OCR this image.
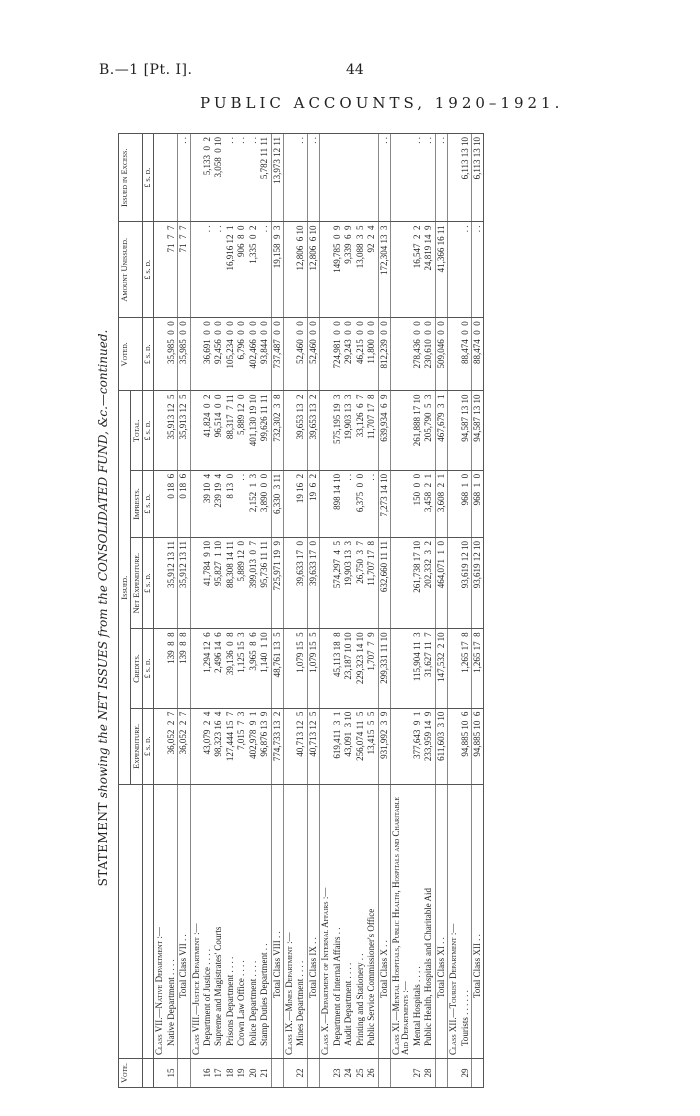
B.—1 [Pt. I].	44
PUBLIC ACCOUNTS, 1920–1921.
STATEMENT showing the NET ISSUES from the CONSOLIDATED FUND, &c.—continued.
Vote.		Issued.					Voted.	Amount Unissued.	Issued in Excess.
		Expenditure.	Credits.	Net Expenditure.	Imprests.	Total.			
		£ s. d.	£ s. d.	£ s. d.	£ s. d.	£ s. d.	£ s. d.	£ s. d.	£ s. d.
	Class VII.—Native Department :—								
15	Native Department . . . .	36,052  2  7	139  8  8	35,912 13 11	0 18  6	35,913 12  5	35,985  0  0	71  7  7	
	Total Class VII . .	36,052  2  7	139  8  8	35,912 13 11	0 18  6	35,913 12  5	35,985  0  0	71  7  7	. .
	Class VIII.—Justice Department :—								
16	Department of Justice . . . .	43,079  2  4	1,294 12  6	41,784  9 10	39 10  4	41,824  0  2	36,691  0  0	. .	5,133  0  2
17	Supreme and Magistrates' Courts	98,323 16  4	2,496 14  6	95,827  1 10	239 19  4	96,514  0  0	92,456  0  0	. .	3,058  0 10
18	Prisons Department . . . .	127,444 15  7	39,136  0  8	88,308 14 11	8 13  0	88,317  7 11	105,234  0  0	16,916 12  1	. .
19	Crown Law Office . . . .	7,015  7  3	1,125 15  3	5,889 12  0	. .	5,889 12  0	6,796  0  0	906  8  0	. .
20	Police Department . . . .	402,978  9  1	3,965  8  6	399,013  0  7	2,152  1  3	401,130 19 10	402,466  0  0	1,335  0  2	. .
21	Stamp Duties Department . .	96,876 13  9	1,140  1 10	95,736 11 11	3,890  0  0	99,626 11 11	93,844  0  0	. .	5,782 11 11
	Total Class VIII . .	774,733 13  2	48,761 13  5	725,971 19  9	6,330  3 11	732,302  3  8	737,487  0  0	19,158  9  3	13,973 12 11
	Class IX.—Mines Department :—								
22	Mines Department . . . .	40,713 12  5	1,079 15  5	39,633 17  0	19 16  2	39,653 13  2	52,460  0  0	12,806  6 10	. .
	Total Class IX . .	40,713 12  5	1,079 15  5	39,633 17  0	19  6  2	39,653 13  2	52,460  0  0	12,806  6 10	. .
	Class X.—Department of Internal Affairs :—								
23	Department of Internal Affairs . .	619,411  3  1	45,113 18  8	574,297  4  5	898 14 10	575,195 19  3	724,981  0  0	149,785  0  9	
24	Audit Department . . . .	43,091  3 10	23,187 10 10	19,903 13  3	. .	19,903 13  3	29,243  0  0	9,339  6  9	
25	Printing and Stationery . .	256,074 11  5	229,323 14 10	26,750  3  7	6,375  0  0	33,126  6  7	46,215  0  0	13,088  3  5	
26	Public Service Commissioner's Office	13,415  5  5	1,707  7  9	11,707 17  8	. .	11,707 17  8	11,800  0  0	92  2  4	
	Total Class X . .	931,992  3  9	299,331 11 10	632,660 11 11	7,273 14 10	639,934  6  9	812,239  0  0	172,304 13  3	. .
	Class XI.—Mental Hospitals, Public Health, Hospitals and Charitable Aid Departments :—								
27	Mental Hospitals . . . .	377,643  9  1	115,904 11  3	261,738 17 10	150  0  0	261,888 17 10	278,436  0  0	16,547  2  2	. .
28	Public Health, Hospitals and Charitable Aid	233,959 14  9	31,627 11  7	202,332  3  2	3,458  2  1	205,790  5  3	230,610  0  0	24,819 14  9	. .
	Total Class XI . .	611,603  3 10	147,532  2 10	464,071  1  0	3,608  2  1	467,679  3  1	509,046  0  0	41,366 16 11	. .
	Class XII.—Tourist Department :—								
29	Tourists . . . . . .	94,885 10  6	1,265 17  8	93,619 12 10	968  1  0	94,587 13 10	88,474  0  0	. .	6,113 13 10
	Total Class XII . .	94,885 10  6	1,265 17  8	93,619 12 10	968  1  0	94,587 13 10	88,474  0  0	. .	6,113 13 10
